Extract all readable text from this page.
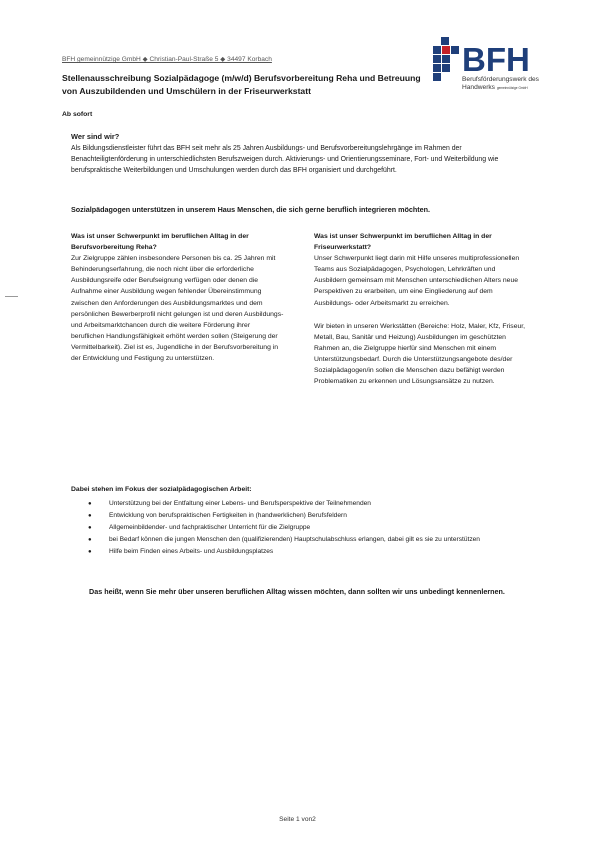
BFH gemeinnützige GmbH ◆ Christian-Paul-Straße 5 ◆ 34497 Korbach	BFH
Berufsförderungswerk des
Handwerks gemeinnützige GmbH
Stellenausschreibung Sozialpädagoge (m/w/d) Berufsvorbereitung Reha und Betreuung von Auszubildenden und Umschülern in der Friseurwerkstatt
Ab sofort
Wer sind wir?
Als Bildungsdienstleister führt das BFH seit mehr als 25 Jahren Ausbildungs- und Berufsvorbereitungslehrgänge im Rahmen der Benachteiligtenförderung in unterschiedlichsten Berufszweigen durch. Aktivierungs- und Orientierungsseminare, Fort- und Weiterbildung wie berufspraktische Weiterbildungen und Umschulungen werden durch das BFH organisiert und durchgeführt.
Sozialpädagogen unterstützen in unserem Haus Menschen, die sich gerne beruflich integrieren möchten.
Was ist unser Schwerpunkt im beruflichen Alltag in der Berufsvorbereitung Reha?
Zur Zielgruppe zählen insbesondere Personen bis ca. 25 Jahren mit Behinderungserfahrung, die noch nicht über die erforderliche Ausbildungsreife oder Berufseignung verfügen oder denen die Aufnahme einer Ausbildung wegen fehlender Übereinstimmung zwischen den Anforderungen des Ausbildungsmarktes und dem persönlichen Bewerberprofil nicht gelungen ist und deren Ausbildungs- und Arbeitsmarktchancen durch die weitere Förderung ihrer beruflichen Handlungsfähigkeit erhöht werden sollen (Steigerung der Vermittelbarkeit). Ziel ist es, Jugendliche in der Berufsvorbereitung in der Entwicklung und Festigung zu unterstützen.
Was ist unser Schwerpunkt im beruflichen Alltag in der Friseurwerkstatt?
Unser Schwerpunkt liegt darin mit Hilfe unseres multiprofessionellen Teams aus Sozialpädagogen, Psychologen, Lehrkräften und Ausbildern gemeinsam mit Menschen unterschiedlichen Alters neue Perspektiven zu erarbeiten, um eine Eingliederung auf dem Ausbildungs- oder Arbeitsmarkt zu erreichen.
Wir bieten in unseren Werkstätten (Bereiche: Holz, Maler, Kfz, Friseur, Metall, Bau, Sanitär und Heizung) Ausbildungen im geschützten Rahmen an, die Zielgruppe hierfür sind Menschen mit einem Unterstützungsbedarf. Durch die Unterstützungsangebote des/der Sozialpädagogen/in sollen die Menschen dazu befähigt werden Problematiken zu erkennen und Lösungsansätze zu nutzen.
Dabei stehen im Fokus der sozialpädagogischen Arbeit:
●	Unterstützung bei der Entfaltung einer Lebens- und Berufsperspektive der Teilnehmenden
●	Entwicklung von berufspraktischen Fertigkeiten in (handwerklichen) Berufsfeldern
●	Allgemeinbildender- und fachpraktischer Unterricht für die Zielgruppe
●	bei Bedarf können die jungen Menschen den (qualifizierenden) Hauptschulabschluss erlangen, dabei gilt es sie zu unterstützen
●	Hilfe beim Finden eines Arbeits- und Ausbildungsplatzes
Das heißt, wenn Sie mehr über unseren beruflichen Alltag wissen möchten, dann sollten wir uns unbedingt kennenlernen.
Seite 1 von2
